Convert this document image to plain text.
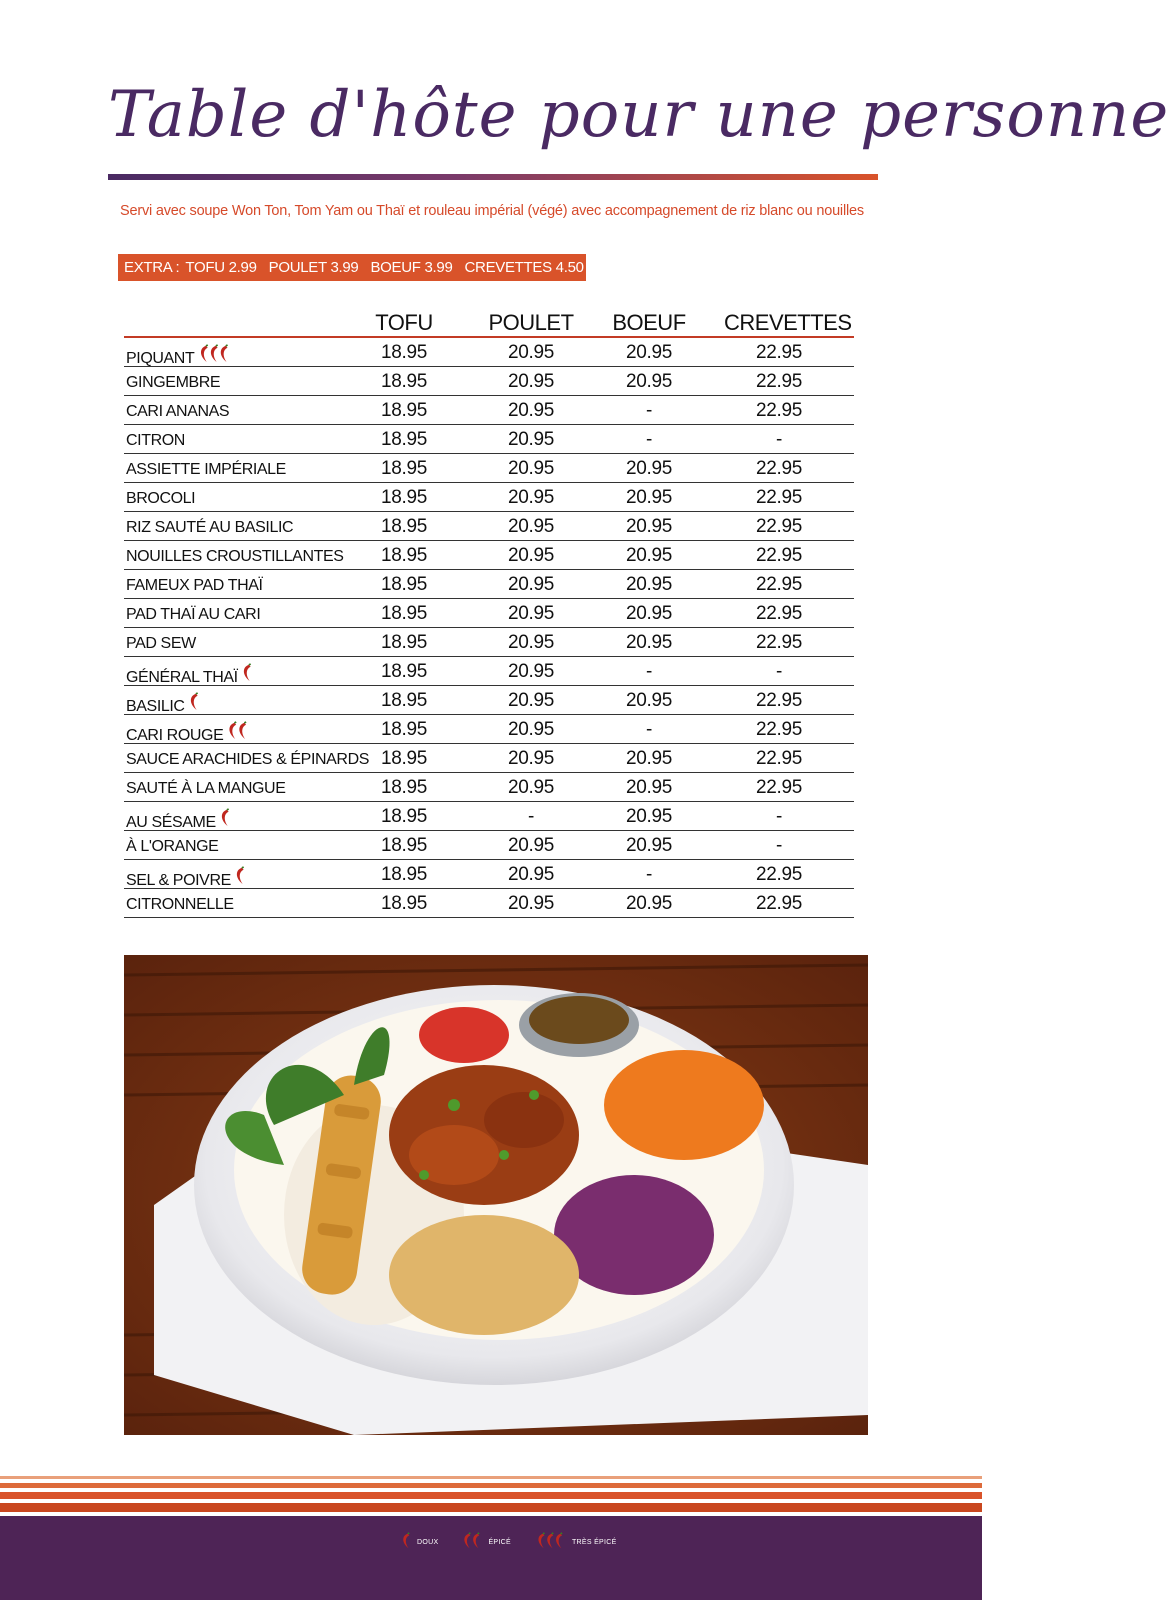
Table d'hôte pour une personne
Servi avec soupe Won Ton, Tom Yam ou Thaï et rouleau impérial (végé) avec accompagnement de riz blanc ou nouilles
EXTRA : TOFU 2.99 POULET 3.99 BOEUF 3.99 CREVETTES 4.50
TOFU	POULET	BOEUF	CREVETTES
PIQUANT	18.95	20.95	20.95	22.95
GINGEMBRE	18.95	20.95	20.95	22.95
CARI ANANAS	18.95	20.95	-	22.95
CITRON	18.95	20.95	-	-
ASSIETTE IMPÉRIALE	18.95	20.95	20.95	22.95
BROCOLI	18.95	20.95	20.95	22.95
RIZ SAUTÉ AU BASILIC	18.95	20.95	20.95	22.95
NOUILLES CROUSTILLANTES	18.95	20.95	20.95	22.95
FAMEUX PAD THAÏ	18.95	20.95	20.95	22.95
PAD THAÏ AU CARI	18.95	20.95	20.95	22.95
PAD SEW	18.95	20.95	20.95	22.95
GÉNÉRAL THAÏ	18.95	20.95	-	-
BASILIC	18.95	20.95	20.95	22.95
CARI ROUGE	18.95	20.95	-	22.95
SAUCE ARACHIDES & ÉPINARDS 18.95	20.95	20.95	22.95
SAUTÉ À LA MANGUE	18.95	20.95	20.95	22.95
AU SÉSAME	18.95	-	20.95	-
À L'ORANGE	18.95	20.95	20.95	-
SEL & POIVRE	18.95	20.95	-	22.95
CITRONNELLE	18.95	20.95	20.95	22.95
DOUX	ÉPICÉ	TRÈS ÉPICÉ
